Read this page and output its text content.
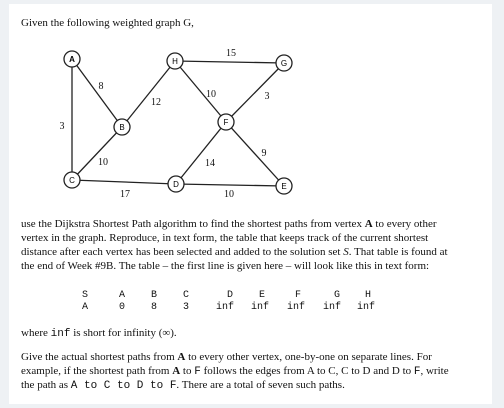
Given the following weighted graph G,
15
8
12
10	3
3
10	14
9
17	10
A	H	G
B
F
C	D	E
use the Dijkstra Shortest Path algorithm to find the shortest paths from vertex A to every other
vertex in the graph. Reproduce, in text form, the table that keeps track of the current shortest
distance after each vertex has been selected and added to the solution set S. That table is found at
the end of Week #9B. The table – the first line is given here – will look like this in text form:
S	A	B	C	D	E	F	G H
A	0	8	3	inf inf inf inf inf
where inf is short for infinity (∞).
Give the actual shortest paths from A to every other vertex, one-by-one on separate lines. For
example, if the shortest path from A to F follows the edges from A to C, C to D and D to F, write
the path as A to C to D to F. There are a total of seven such paths.
